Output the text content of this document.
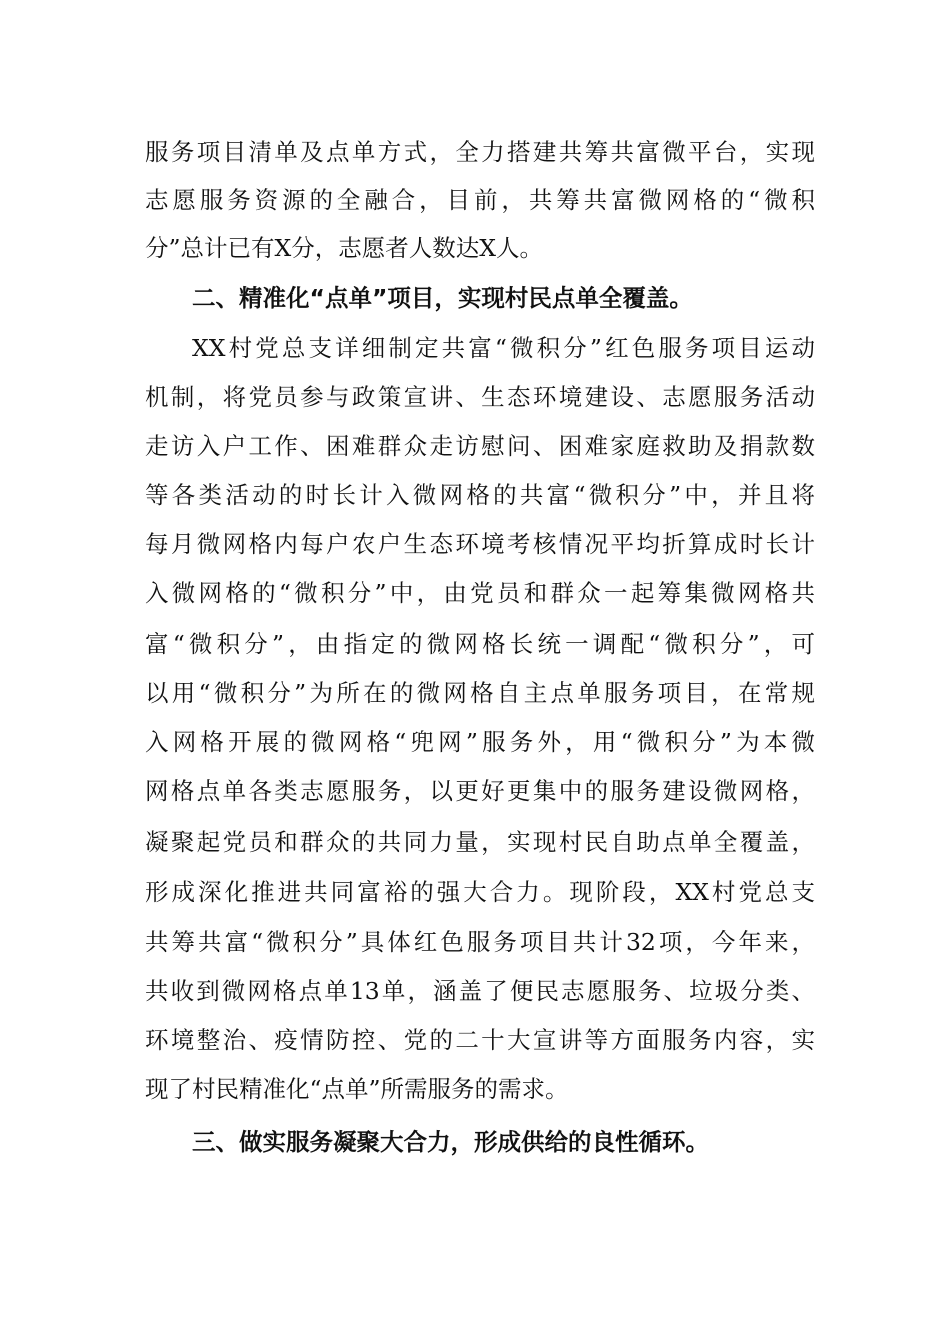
服务项目清单及点单方式，全力搭建共筹共富微平台，实现
志愿服务资源的全融合，目前，共筹共富微网格的“微积
分”总计已有X分，志愿者人数达X人。
二、精准化“点单”项目，实现村民点单全覆盖。
XX村党总支详细制定共富“微积分”红色服务项目运动
机制，将党员参与政策宣讲、生态环境建设、志愿服务活动
走访入户工作、困难群众走访慰问、困难家庭救助及捐款数
等各类活动的时长计入微网格的共富“微积分”中，并且将
每月微网格内每户农户生态环境考核情况平均折算成时长计
入微网格的“微积分”中，由党员和群众一起筹集微网格共
富“微积分”，由指定的微网格长统一调配“微积分”，可
以用“微积分”为所在的微网格自主点单服务项目，在常规
入网格开展的微网格“兜网”服务外，用“微积分”为本微
网格点单各类志愿服务，以更好更集中的服务建设微网格，
凝聚起党员和群众的共同力量，实现村民自助点单全覆盖，
形成深化推进共同富裕的强大合力。现阶段，XX村党总支
共筹共富“微积分”具体红色服务项目共计32项，今年来，
共收到微网格点单13单，涵盖了便民志愿服务、垃圾分类、
环境整治、疫情防控、党的二十大宣讲等方面服务内容，实
现了村民精准化“点单”所需服务的需求。
三、做实服务凝聚大合力，形成供给的良性循环。
